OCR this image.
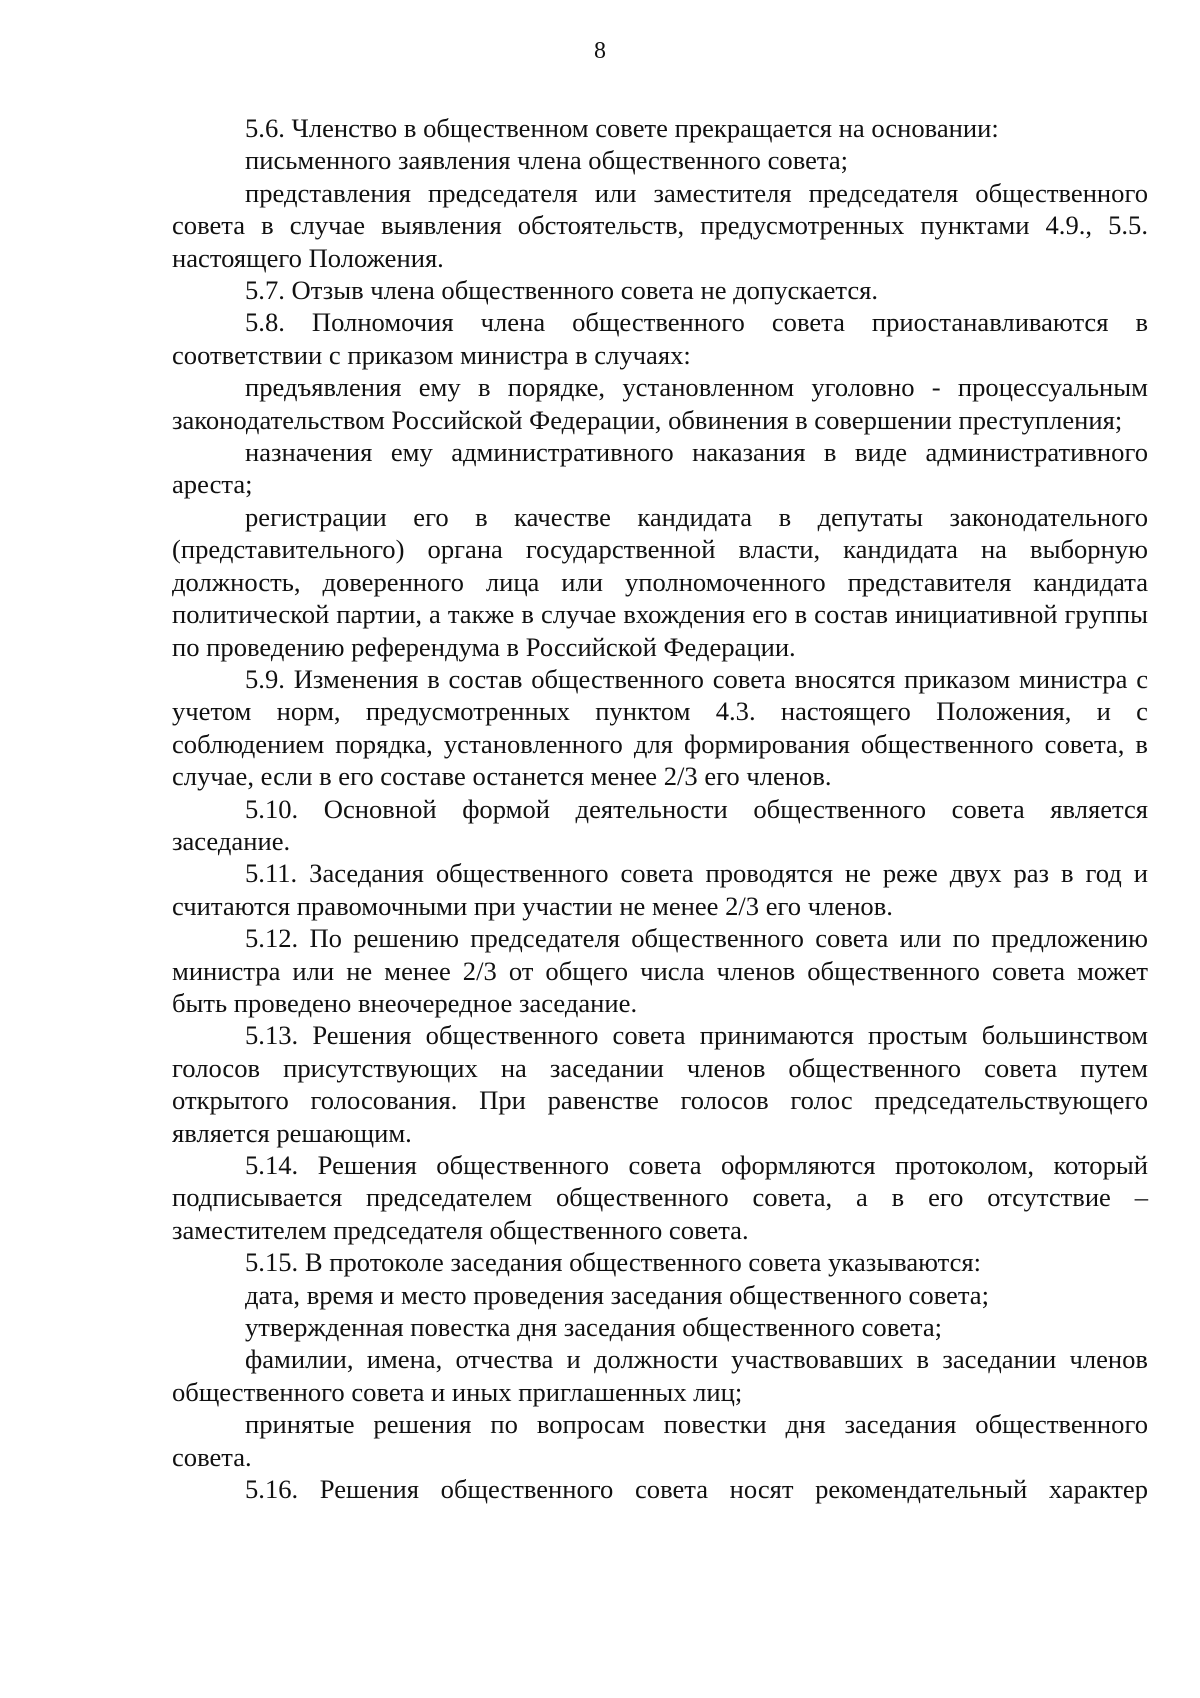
8

5.6. Членство в общественном совете прекращается на основании:

письменного заявления члена общественного совета;

представления председателя или заместителя председателя общественного совета в случае выявления обстоятельств, предусмотренных пунктами 4.9., 5.5. настоящего Положения.

5.7. Отзыв члена общественного совета не допускается.

5.8. Полномочия члена общественного совета приостанавливаются в соответствии с приказом министра в случаях:

предъявления ему в порядке, установленном уголовно - процессуальным законодательством Российской Федерации, обвинения в совершении преступления;

назначения ему административного наказания в виде административного ареста;

регистрации его в качестве кандидата в депутаты законодательного (представительного) органа государственной власти, кандидата на выборную должность, доверенного лица или уполномоченного представителя кандидата политической партии, а также в случае вхождения его в состав инициативной группы по проведению референдума в Российской Федерации.

5.9. Изменения в состав общественного совета вносятся приказом министра с учетом норм, предусмотренных пунктом 4.3. настоящего Положения, и с соблюдением порядка, установленного для формирования общественного совета, в случае, если в его составе останется менее 2/3 его членов.

5.10. Основной формой деятельности общественного совета является заседание.

5.11. Заседания общественного совета проводятся не реже двух раз в год и считаются правомочными при участии не менее 2/3 его членов.

5.12. По решению председателя общественного совета или по предложению министра или не менее 2/3 от общего числа членов общественного совета может быть проведено внеочередное заседание.

5.13. Решения общественного совета принимаются простым большинством голосов присутствующих на заседании членов общественного совета путем открытого голосования. При равенстве голосов голос председательствующего является решающим.

5.14. Решения общественного совета оформляются протоколом, который подписывается председателем общественного совета, а в его отсутствие – заместителем председателя общественного совета.

5.15. В протоколе заседания общественного совета указываются:

дата, время и место проведения заседания общественного совета;

утвержденная повестка дня заседания общественного совета;

фамилии, имена, отчества и должности участвовавших в заседании членов общественного совета и иных приглашенных лиц;

принятые решения по вопросам повестки дня заседания общественного совета.

5.16. Решения общественного совета носят рекомендательный характер
